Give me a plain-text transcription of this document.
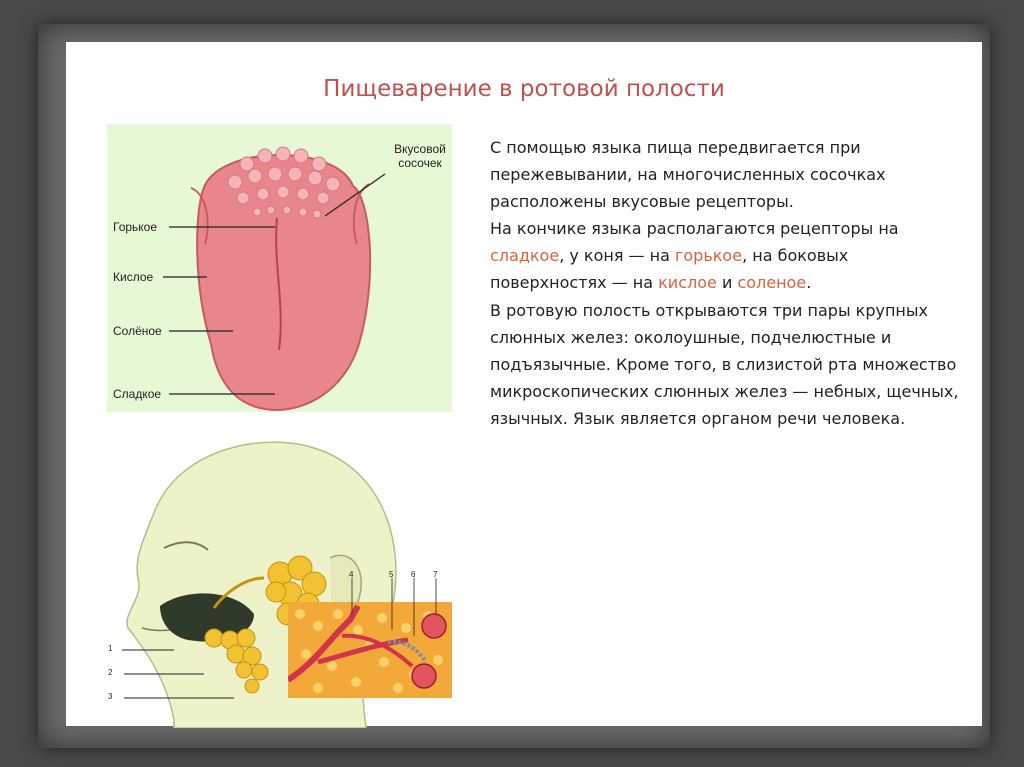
Пищеварение в ротовой полости
Вкусовой сосочек
Горькое
Кислое
Солёное
Сладкое
1
2
3
4	5 6 7

С помощью языка пища передвигается при пережевывании, на многочисленных сосочках расположены вкусовые рецепторы.

На кончике языка располагаются рецепторы на сладкое, у коня — на горькое, на боковых поверхностях — на кислое и соленое.

В ротовую полость открываются три пары крупных слюнных желез: околоушные, подчелюстные и подъязычные. Кроме того, в слизистой рта множество микроскопических слюнных желез — небных, щечных, язычных. Язык является органом речи человека.
